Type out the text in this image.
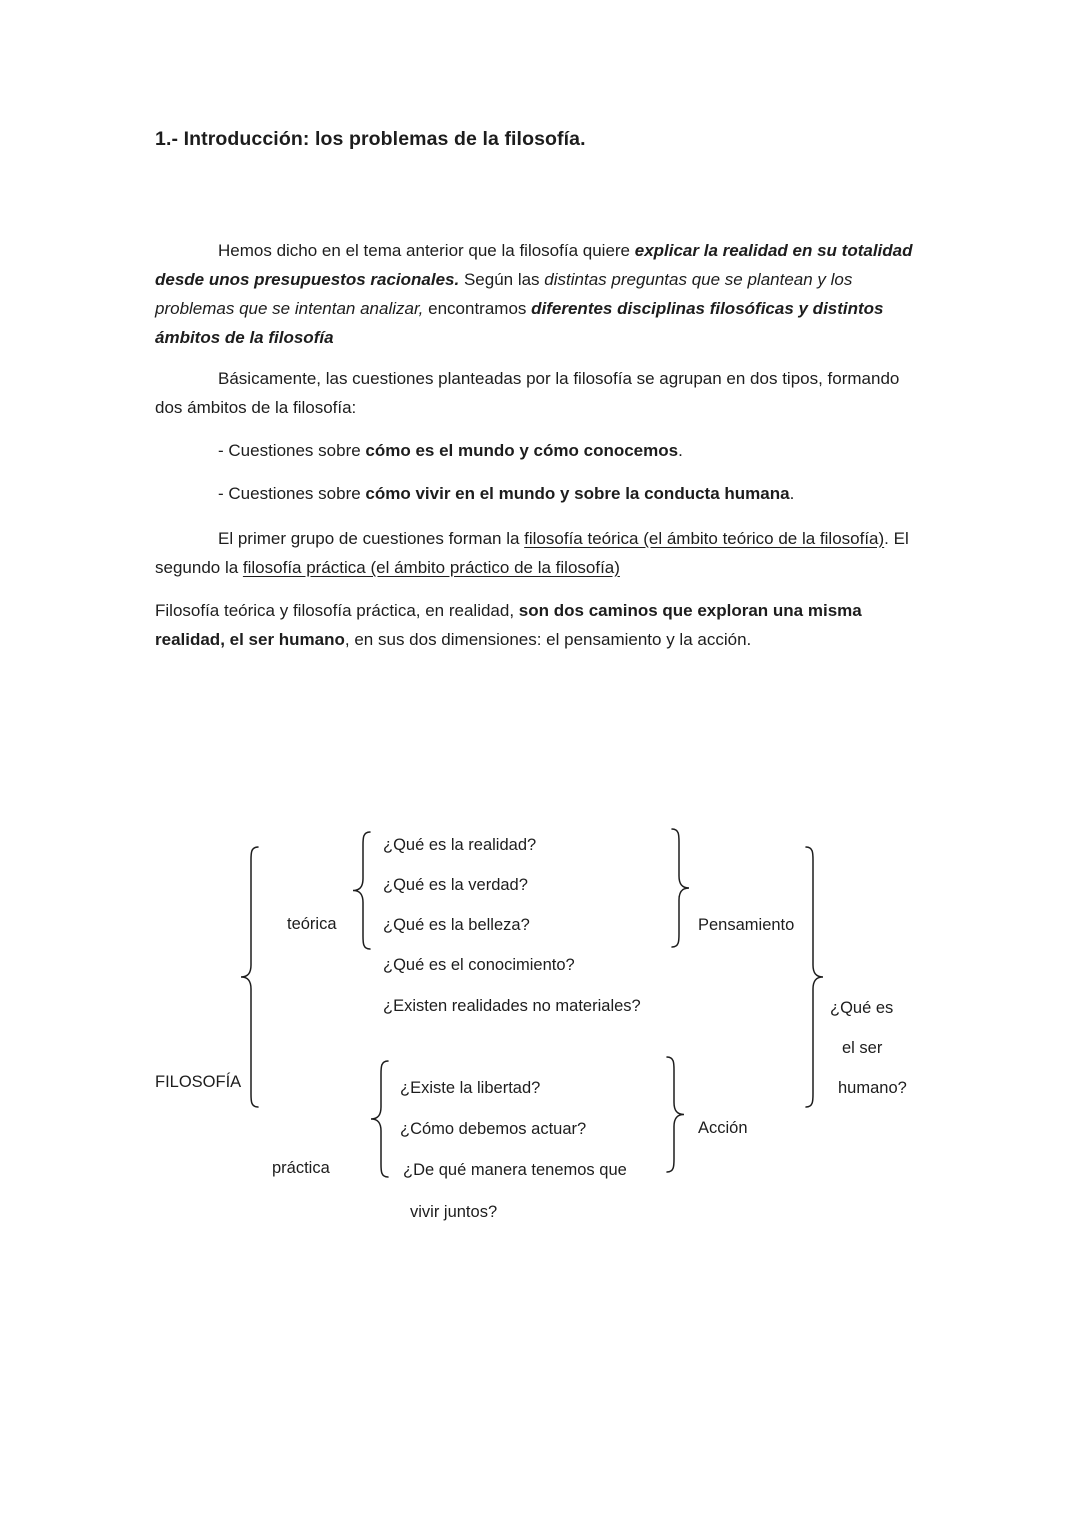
1.- Introducción: los problemas de la filosofía.

Hemos dicho en el tema anterior que la filosofía quiere explicar la realidad en su totalidad desde unos presupuestos racionales. Según las distintas preguntas que se plantean y los problemas que se intentan analizar, encontramos diferentes disciplinas filosóficas y distintos ámbitos de la filosofía

Básicamente, las cuestiones planteadas por la filosofía se agrupan en dos tipos, formando dos ámbitos de la filosofía:

- Cuestiones sobre cómo es el mundo y cómo conocemos.

- Cuestiones sobre cómo vivir en el mundo y sobre la conducta humana.

El primer grupo de cuestiones forman la filosofía teórica (el ámbito teórico de la filosofía). El segundo la filosofía práctica (el ámbito práctico de la filosofía)

Filosofía teórica y filosofía práctica, en realidad, son dos caminos que exploran una misma realidad, el ser humano, en sus dos dimensiones: el pensamiento y la acción.

FILOSOFÍA
teórica
¿Qué es la realidad?
¿Qué es la verdad?
¿Qué es la belleza?
¿Qué es el conocimiento?
¿Existen realidades no materiales?
Pensamiento
práctica
¿Existe la libertad?
¿Cómo debemos actuar?
¿De qué manera tenemos que
vivir juntos?
Acción
¿Qué es
el ser
humano?
